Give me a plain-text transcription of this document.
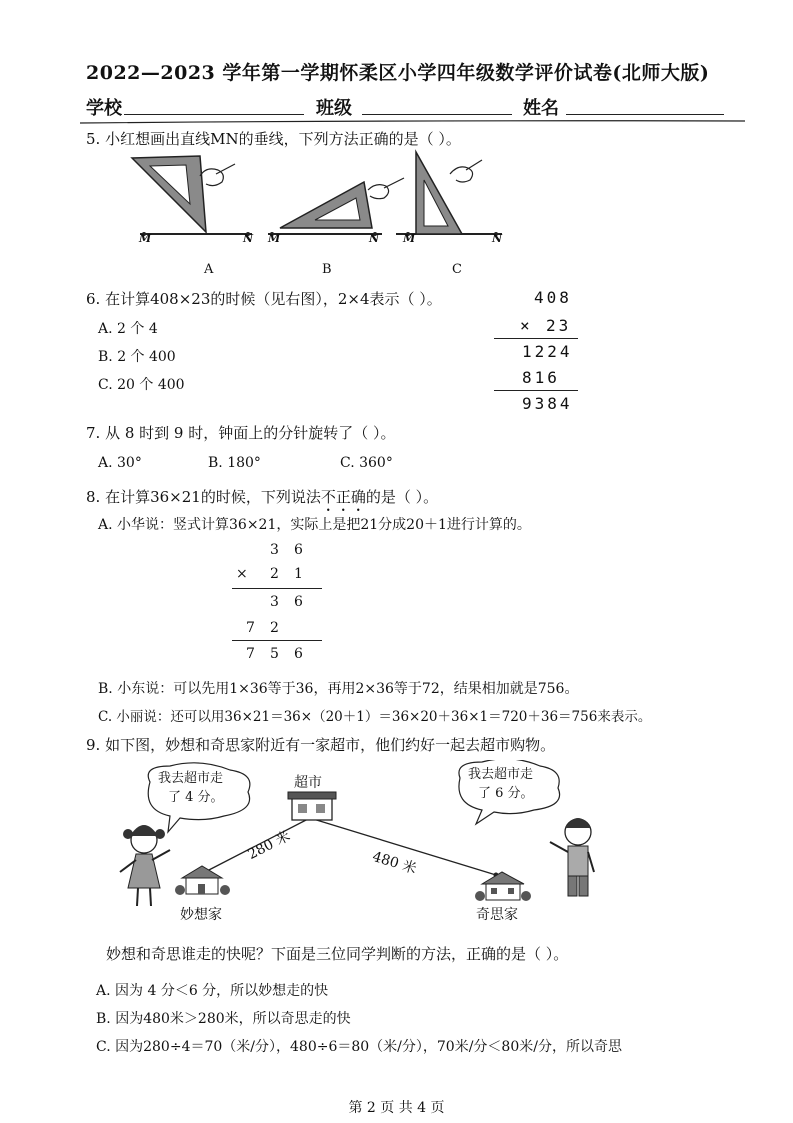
2022—2023 学年第一学期怀柔区小学四年级数学评价试卷(北师大版)
学校	班级	姓名
5. 小红想画出直线MN的垂线，下列方法正确的是（ ）。
M	N M	N M	N
A	B	C
6. 在计算408×23的时候（见右图），2×4表示（ ）。
A. 2 个 4
B. 2 个 400
C. 20 个 400
408
× 23
1224
816
9384
7. 从 8 时到 9 时，钟面上的分针旋转了（ ）。
A. 30°	B. 180°	C. 360°
8. 在计算36×21的时候，下列说法不正确的是（ ）。
A. 小华说：竖式计算36×21，实际上是把21分成20＋1进行计算的。
3 6
× 2 1
3 6
7 2
7 5 6
B. 小东说：可以先用1×36等于36，再用2×36等于72，结果相加就是756。
C. 小丽说：还可以用36×21＝36×（20＋1）＝36×20＋36×1＝720＋36＝756来表示。
9. 如下图，妙想和奇思家附近有一家超市，他们约好一起去超市购物。
我去超市走
了 4 分。
我去超市走
了 6 分。
超市
280 米
480 米
妙想家	奇思家
妙想和奇思谁走的快呢？下面是三位同学判断的方法，正确的是（ ）。
A. 因为 4 分＜6 分，所以妙想走的快
B. 因为480米＞280米，所以奇思走的快
C. 因为280÷4＝70（米/分），480÷6＝80（米/分），70米/分＜80米/分，所以奇思
第 2 页 共 4 页
